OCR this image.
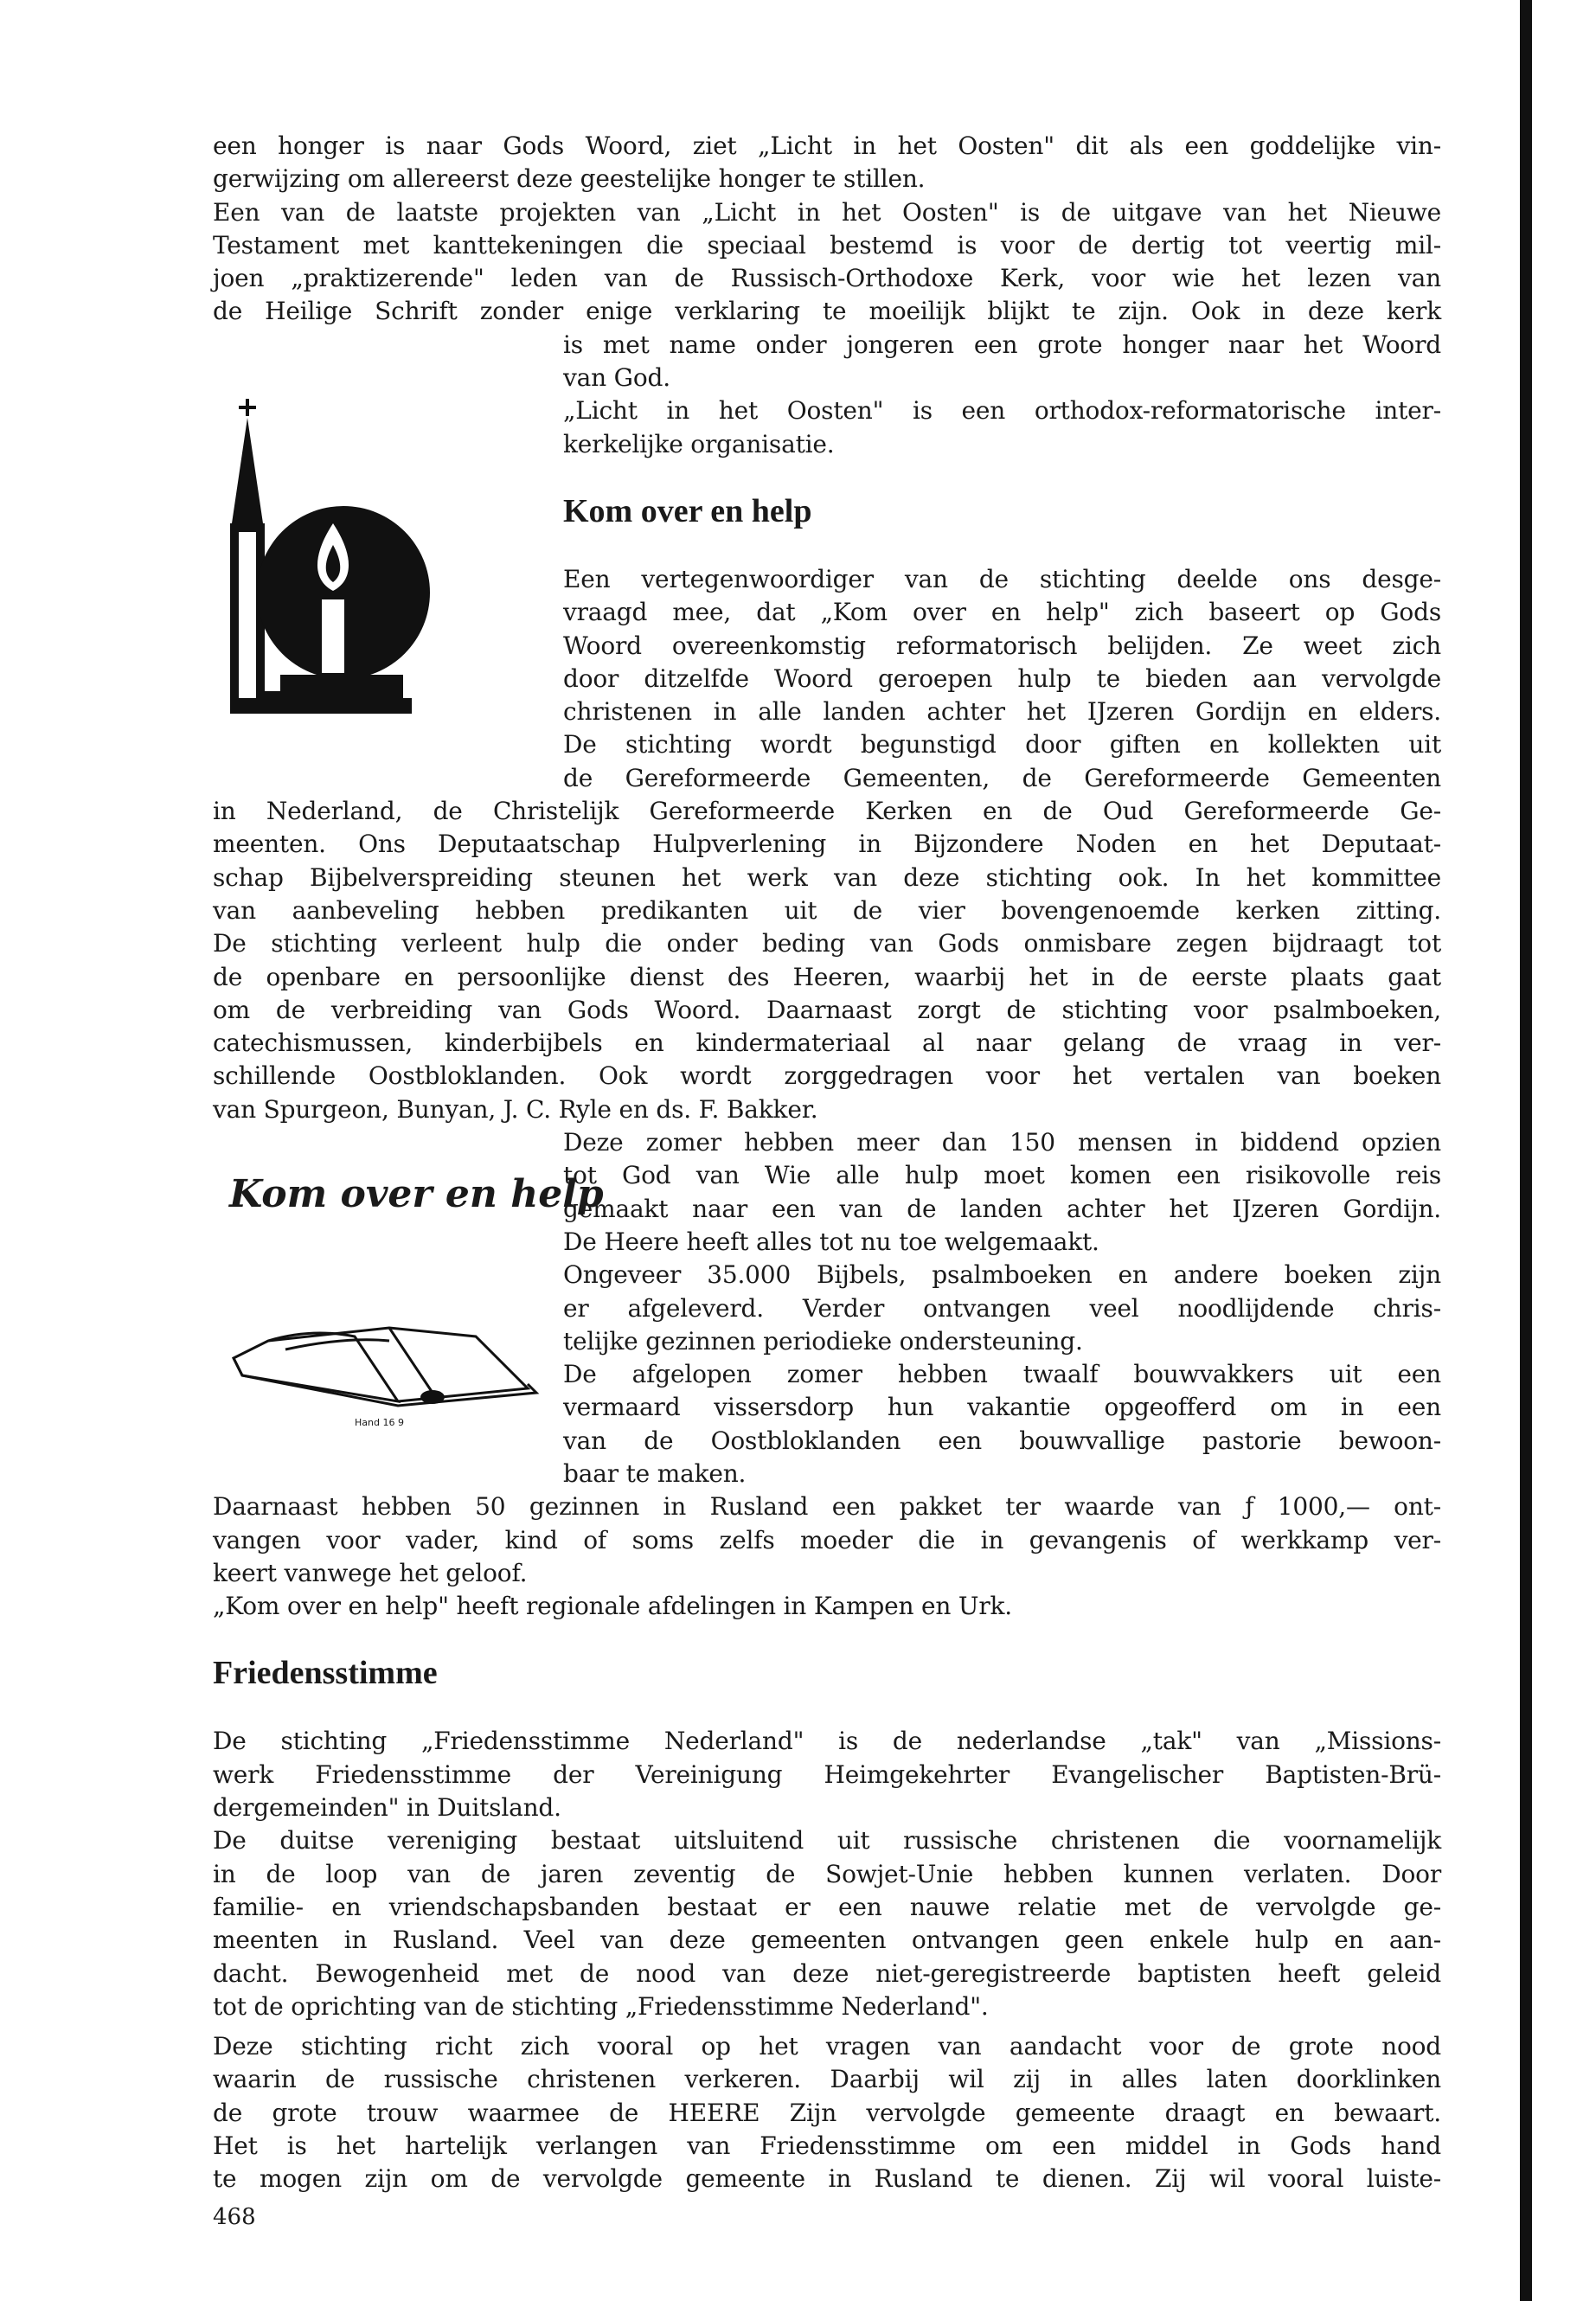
Kom over en help
Hand 16 9
een honger is naar Gods Woord, ziet „Licht in het Oosten" dit als een goddelijke vin-
gerwijzing om allereerst deze geestelijke honger te stillen.
Een van de laatste projekten van „Licht in het Oosten" is de uitgave van het Nieuwe
Testament met kanttekeningen die speciaal bestemd is voor de dertig tot veertig mil-
joen „praktizerende" leden van de Russisch-Orthodoxe Kerk, voor wie het lezen van
de Heilige Schrift zonder enige verklaring te moeilijk blijkt te zijn. Ook in deze kerk
is met name onder jongeren een grote honger naar het Woord
van God.
„Licht in het Oosten" is een orthodox-reformatorische inter-
kerkelijke organisatie.
Kom over en help
Een vertegenwoordiger van de stichting deelde ons desge-
vraagd mee, dat „Kom over en help" zich baseert op Gods
Woord overeenkomstig reformatorisch belijden. Ze weet zich
door ditzelfde Woord geroepen hulp te bieden aan vervolgde
christenen in alle landen achter het IJzeren Gordijn en elders.
De stichting wordt begunstigd door giften en kollekten uit
de Gereformeerde Gemeenten, de Gereformeerde Gemeenten
in Nederland, de Christelijk Gereformeerde Kerken en de Oud Gereformeerde Ge-
meenten. Ons Deputaatschap Hulpverlening in Bijzondere Noden en het Deputaat-
schap Bijbelverspreiding steunen het werk van deze stichting ook. In het kommittee
van aanbeveling hebben predikanten uit de vier bovengenoemde kerken zitting.
De stichting verleent hulp die onder beding van Gods onmisbare zegen bijdraagt tot
de openbare en persoonlijke dienst des Heeren, waarbij het in de eerste plaats gaat
om de verbreiding van Gods Woord. Daarnaast zorgt de stichting voor psalmboeken,
catechismussen, kinderbijbels en kindermateriaal al naar gelang de vraag in ver-
schillende Oostbloklanden. Ook wordt zorggedragen voor het vertalen van boeken
van Spurgeon, Bunyan, J. C. Ryle en ds. F. Bakker.
Deze zomer hebben meer dan 150 mensen in biddend opzien
tot God van Wie alle hulp moet komen een risikovolle reis
gemaakt naar een van de landen achter het IJzeren Gordijn.
De Heere heeft alles tot nu toe welgemaakt.
Ongeveer 35.000 Bijbels, psalmboeken en andere boeken zijn
er afgeleverd. Verder ontvangen veel noodlijdende chris-
telijke gezinnen periodieke ondersteuning.
De afgelopen zomer hebben twaalf bouwvakkers uit een
vermaard vissersdorp hun vakantie opgeofferd om in een
van de Oostbloklanden een bouwvallige pastorie bewoon-
baar te maken.
Daarnaast hebben 50 gezinnen in Rusland een pakket ter waarde van ƒ 1000,— ont-
vangen voor vader, kind of soms zelfs moeder die in gevangenis of werkkamp ver-
keert vanwege het geloof.
„Kom over en help" heeft regionale afdelingen in Kampen en Urk.
Friedensstimme
De stichting „Friedensstimme Nederland" is de nederlandse „tak" van „Missions-
werk Friedensstimme der Vereinigung Heimgekehrter Evangelischer Baptisten-Brü-
dergemeinden" in Duitsland.
De duitse vereniging bestaat uitsluitend uit russische christenen die voornamelijk
in de loop van de jaren zeventig de Sowjet-Unie hebben kunnen verlaten. Door
familie- en vriendschapsbanden bestaat er een nauwe relatie met de vervolgde ge-
meenten in Rusland. Veel van deze gemeenten ontvangen geen enkele hulp en aan-
dacht. Bewogenheid met de nood van deze niet-geregistreerde baptisten heeft geleid
tot de oprichting van de stichting „Friedensstimme Nederland".
Deze stichting richt zich vooral op het vragen van aandacht voor de grote nood
waarin de russische christenen verkeren. Daarbij wil zij in alles laten doorklinken
de grote trouw waarmee de HEERE Zijn vervolgde gemeente draagt en bewaart.
Het is het hartelijk verlangen van Friedensstimme om een middel in Gods hand
te mogen zijn om de vervolgde gemeente in Rusland te dienen. Zij wil vooral luiste-
468
